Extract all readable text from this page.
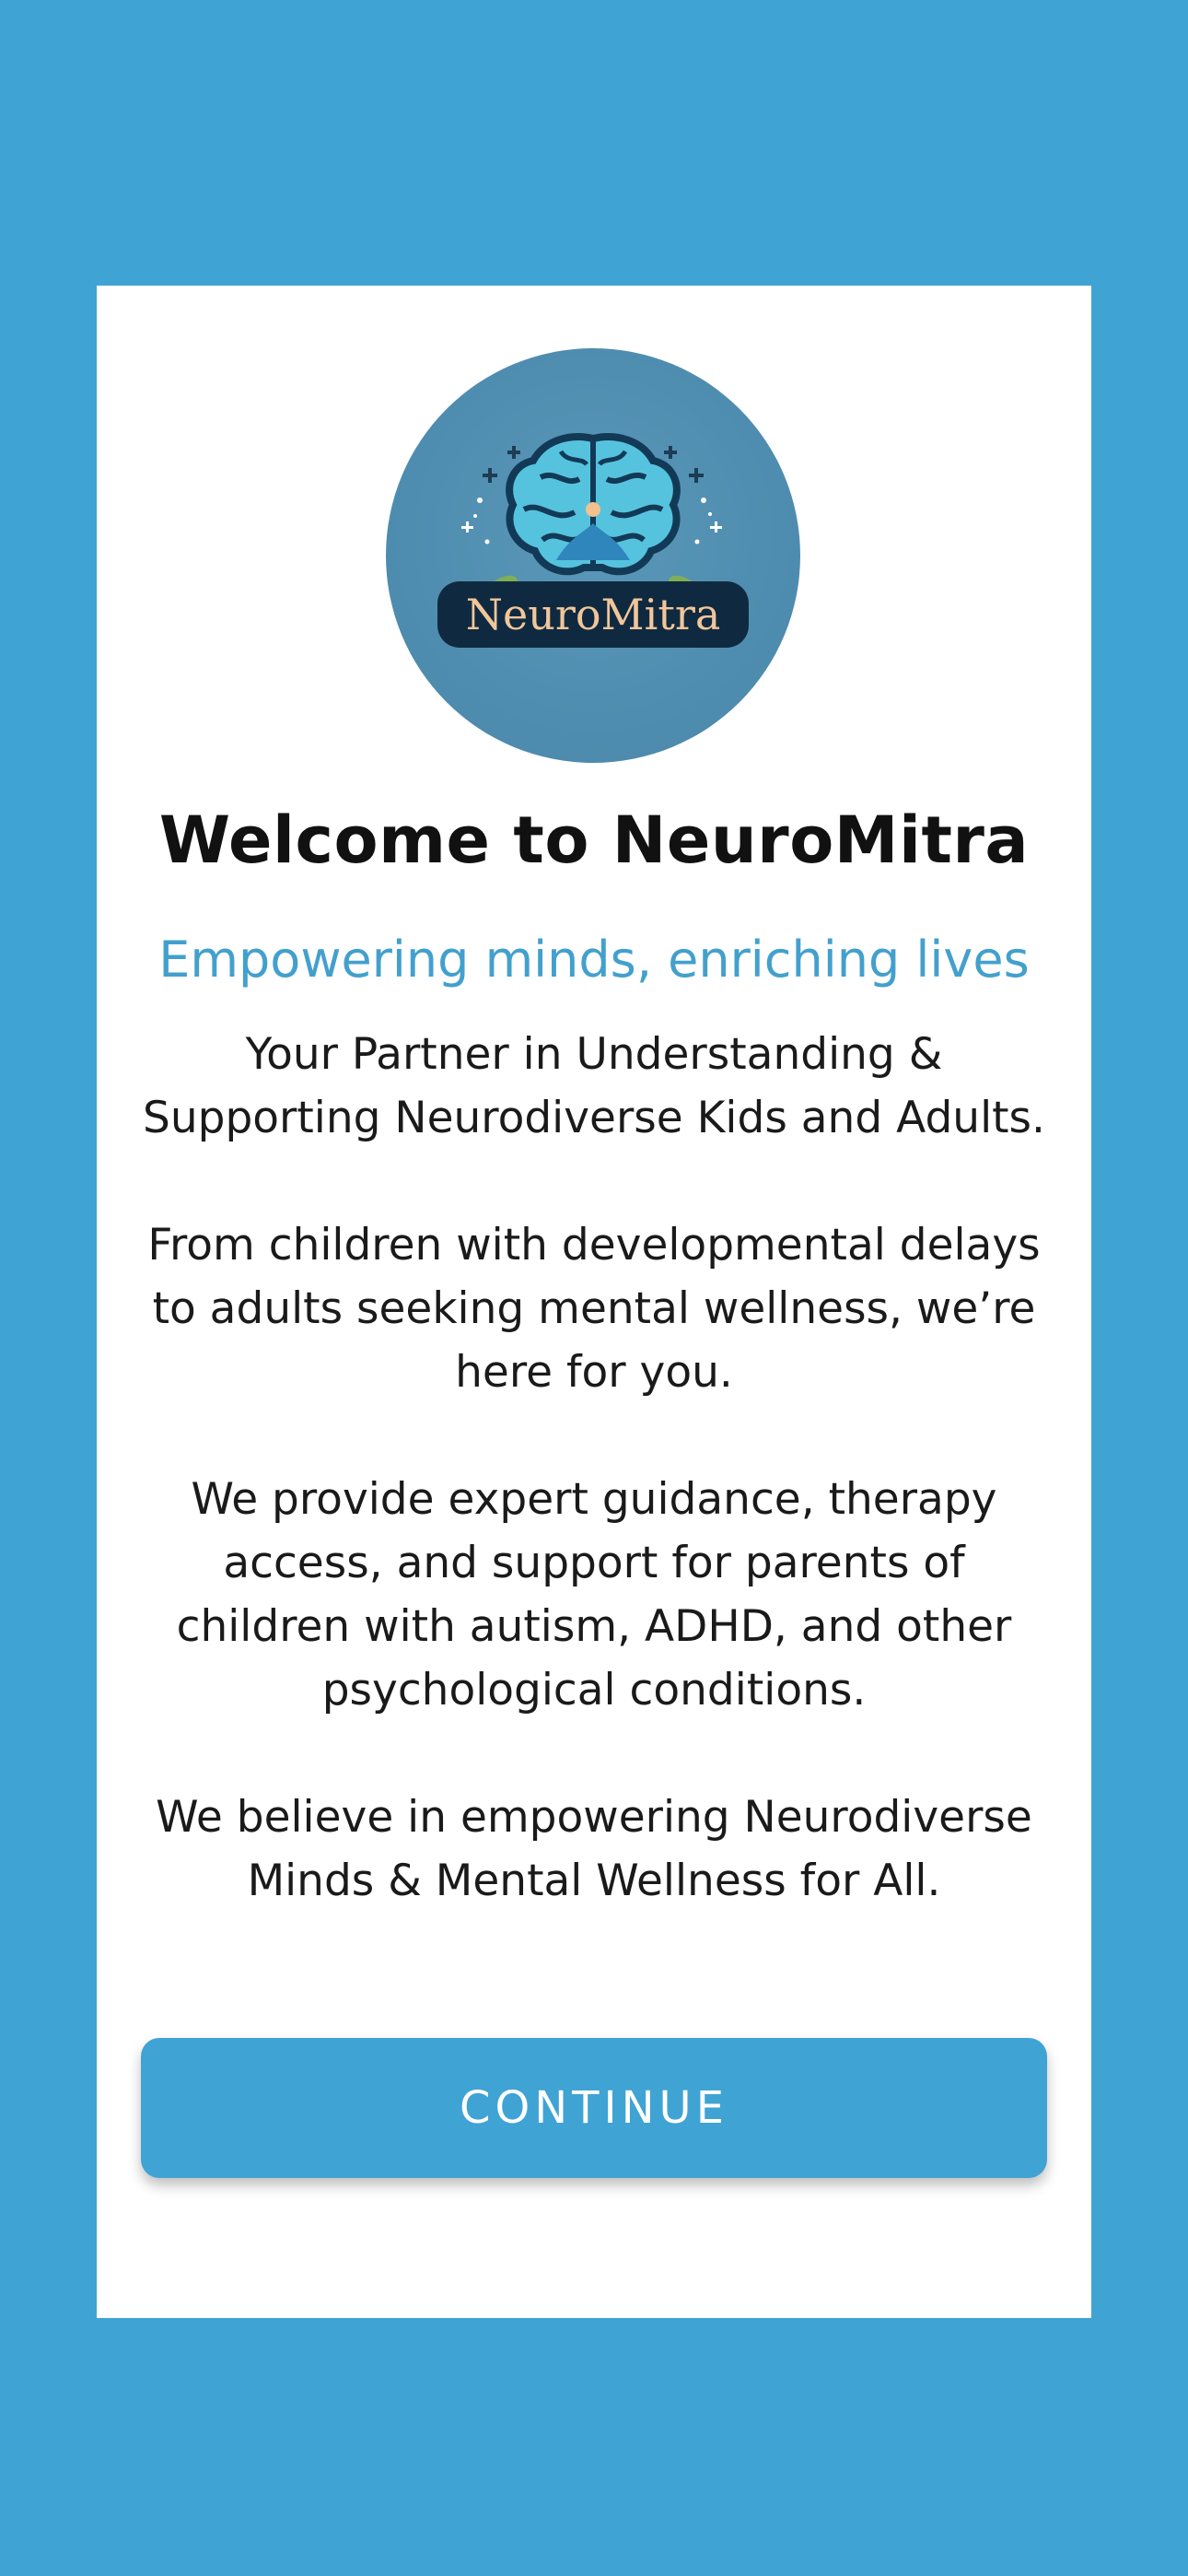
NeuroMitra
Welcome to NeuroMitra
Empowering minds, enriching lives

Your Partner in Understanding & Supporting Neurodiverse Kids and Adults.

From children with developmental delays to adults seeking mental wellness, we’re here for you.

We provide expert guidance, therapy access, and support for parents of children with autism, ADHD, and other psychological conditions.

We believe in empowering Neurodiverse Minds & Mental Wellness for All.

CONTINUE
